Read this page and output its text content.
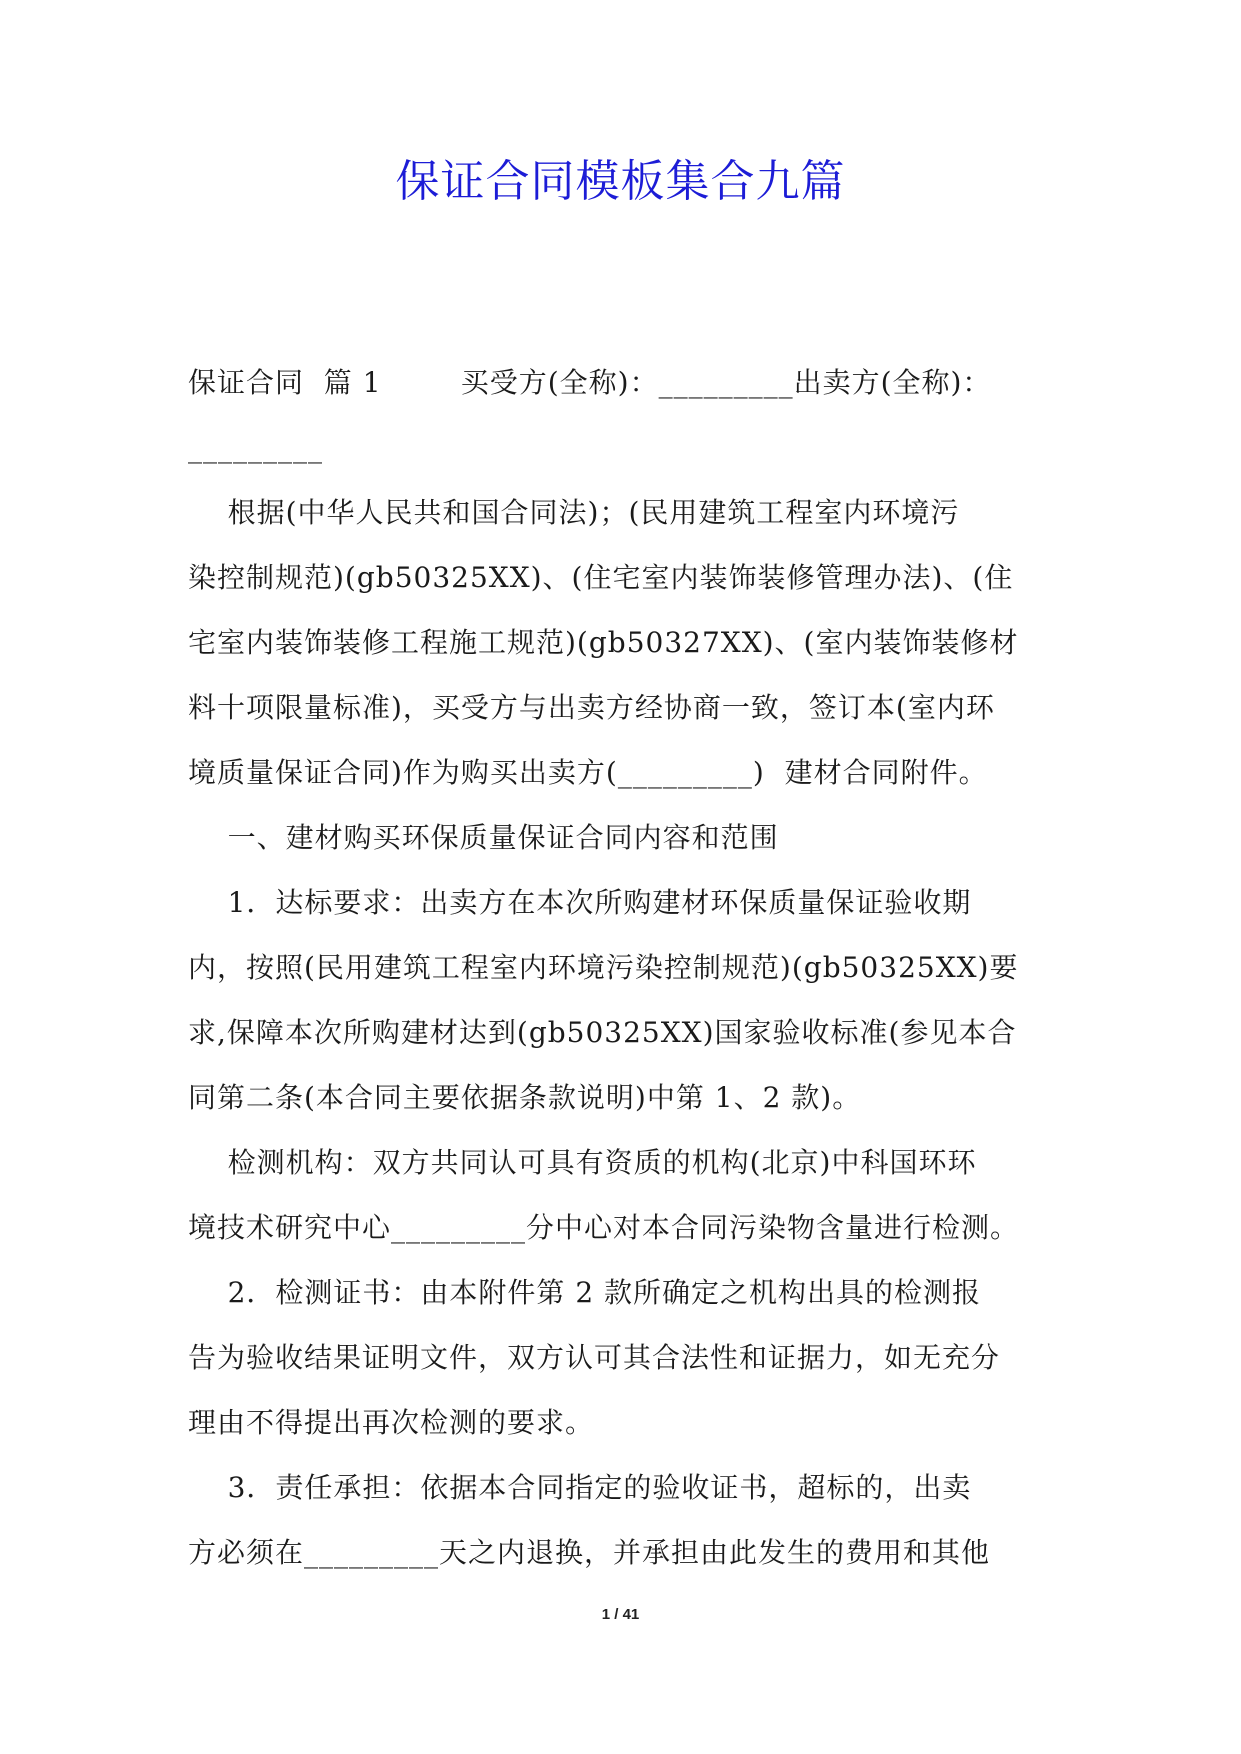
保证合同模板集合九篇
保证合同  篇 1        买受方(全称)：_________出卖方(全称)：
_________
根据(中华人民共和国合同法)；(民用建筑工程室内环境污
染控制规范)(gb50325XX)、(住宅室内装饰装修管理办法)、(住
宅室内装饰装修工程施工规范)(gb50327XX)、(室内装饰装修材
料十项限量标准)，买受方与出卖方经协商一致，签订本(室内环
境质量保证合同)作为购买出卖方(_________)  建材合同附件。
一、建材购买环保质量保证合同内容和范围
1．达标要求：出卖方在本次所购建材环保质量保证验收期
内，按照(民用建筑工程室内环境污染控制规范)(gb50325XX)要
求,保障本次所购建材达到(gb50325XX)国家验收标准(参见本合
同第二条(本合同主要依据条款说明)中第 1、2 款)。
检测机构：双方共同认可具有资质的机构(北京)中科国环环
境技术研究中心_________分中心对本合同污染物含量进行检测。
2．检测证书：由本附件第 2 款所确定之机构出具的检测报
告为验收结果证明文件，双方认可其合法性和证据力，如无充分
理由不得提出再次检测的要求。
3．责任承担：依据本合同指定的验收证书，超标的，出卖
方必须在_________天之内退换，并承担由此发生的费用和其他
1 / 41
